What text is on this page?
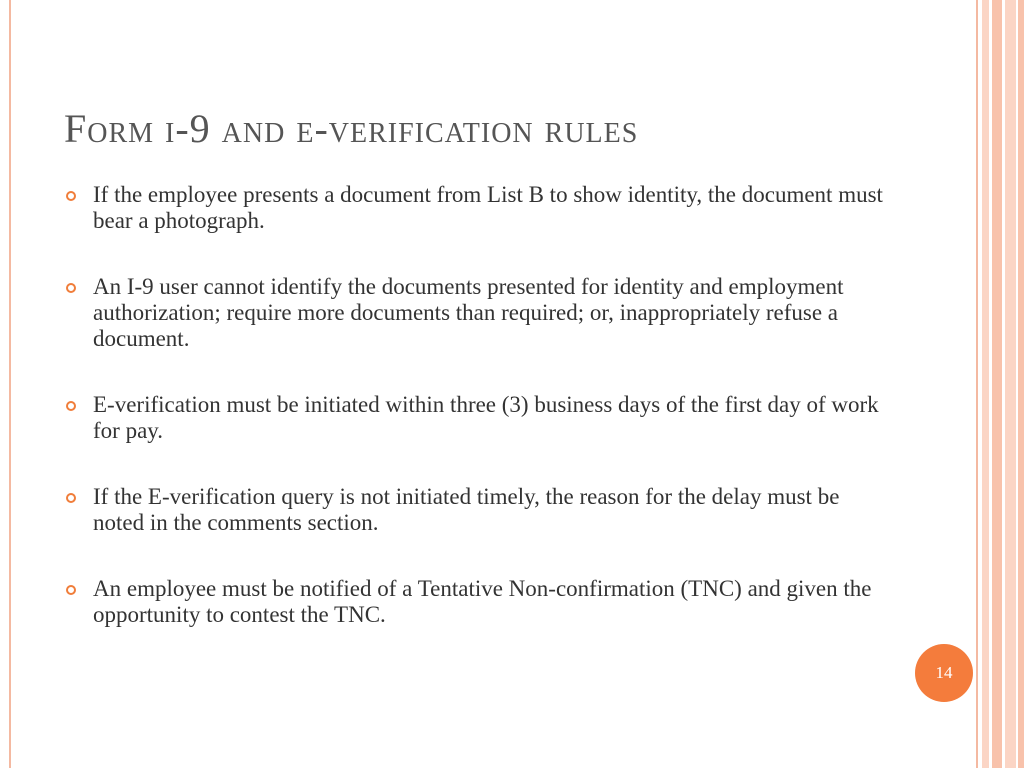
Form i-9 and e-verification rules
If the employee presents a document from List B to show identity, the document must bear a photograph.
An I-9 user cannot identify the documents presented for identity and employment authorization; require more documents than required; or, inappropriately refuse a document.
E-verification must be initiated within three (3) business days of the first day of work for pay.
If the E-verification query is not initiated timely, the reason for the delay must be noted in the comments section.
An employee must be notified of a Tentative Non-confirmation (TNC) and given the opportunity to contest the TNC.
14
